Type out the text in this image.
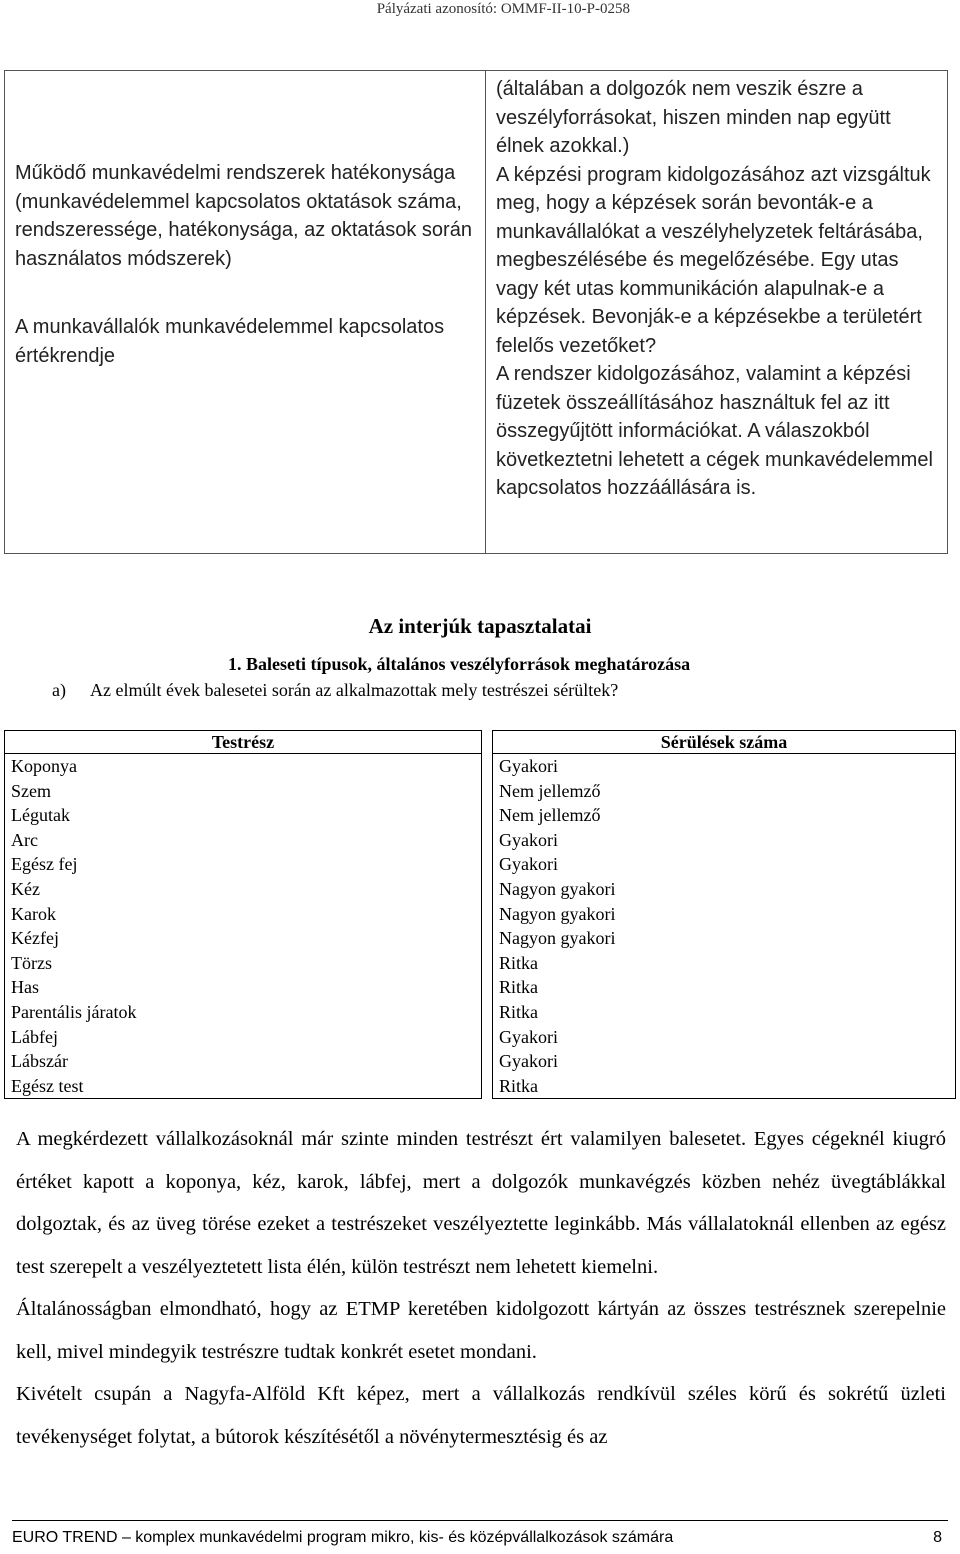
Pályázati azonosító: OMMF-II-10-P-0258
Működő munkavédelmi rendszerek hatékonysága (munkavédelemmel kapcsolatos oktatások száma, rendszeressége, hatékonysága, az oktatások során használatos módszerek)
A munkavállalók munkavédelemmel kapcsolatos értékrendje

(általában a dolgozók nem veszik észre a veszélyforrásokat, hiszen minden nap együtt élnek azokkal.)
A képzési program kidolgozásához azt vizsgáltuk meg, hogy a képzések során bevonták-e a munkavállalókat a veszélyhelyzetek feltárásába, megbeszélésébe és megelőzésébe. Egy utas vagy két utas kommunikáción alapulnak-e a képzések. Bevonják-e a képzésekbe a területért felelős vezetőket?
A rendszer kidolgozásához, valamint a képzési füzetek összeállításához használtuk fel az itt összegyűjtött információkat. A válaszokból következtetni lehetett a cégek munkavédelemmel kapcsolatos hozzáállására is.
Az interjúk tapasztalatai
1. Baleseti típusok, általános veszélyforrások meghatározása
a) Az elmúlt évek balesetei során az alkalmazottak mely testrészei sérültek?
Testrész		Sérülések száma
Koponya		Gyakori
Szem		Nem jellemző
Légutak		Nem jellemző
Arc		Gyakori
Egész fej		Gyakori
Kéz		Nagyon gyakori
Karok		Nagyon gyakori
Kézfej		Nagyon gyakori
Törzs		Ritka
Has		Ritka
Parentális járatok		Ritka
Lábfej		Gyakori
Lábszár		Gyakori
Egész test		Ritka

A megkérdezett vállalkozásoknál már szinte minden testrészt ért valamilyen balesetet. Egyes cégeknél kiugró értéket kapott a koponya, kéz, karok, lábfej, mert a dolgozók munkavégzés közben nehéz üvegtáblákkal dolgoztak, és az üveg törése ezeket a testrészeket veszélyeztette leginkább. Más vállalatoknál ellenben az egész test szerepelt a veszélyeztetett lista élén, külön testrészt nem lehetett kiemelni.

Általánosságban elmondható, hogy az ETMP keretében kidolgozott kártyán az összes testrésznek szerepelnie kell, mivel mindegyik testrészre tudtak konkrét esetet mondani.

Kivételt csupán a Nagyfa-Alföld Kft képez, mert a vállalkozás rendkívül széles körű és sokrétű üzleti tevékenységet folytat, a bútorok készítésétől a növénytermesztésig és az

EURO TREND – komplex munkavédelmi program mikro, kis- és középvállalkozások számára	8
